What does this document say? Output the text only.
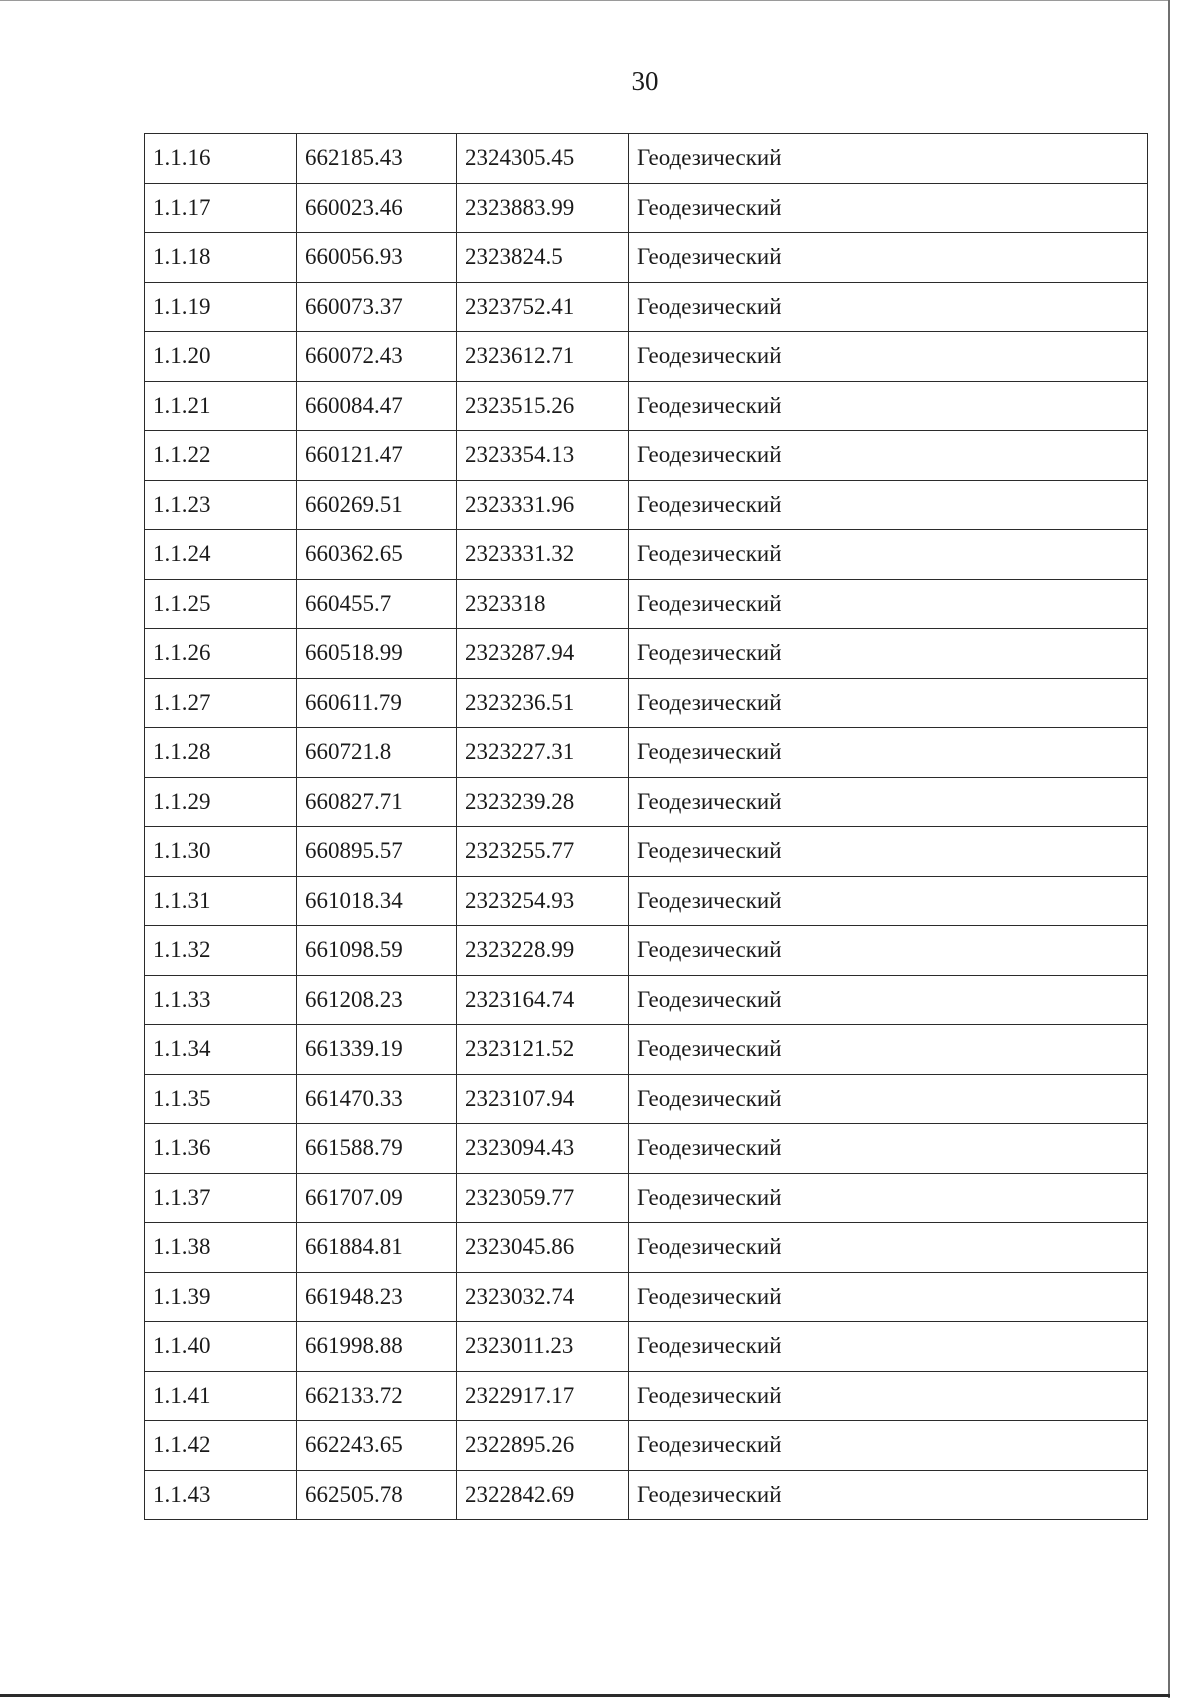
30
1.1.16	662185.43	2324305.45	Геодезический
1.1.17	660023.46	2323883.99	Геодезический
1.1.18	660056.93	2323824.5	Геодезический
1.1.19	660073.37	2323752.41	Геодезический
1.1.20	660072.43	2323612.71	Геодезический
1.1.21	660084.47	2323515.26	Геодезический
1.1.22	660121.47	2323354.13	Геодезический
1.1.23	660269.51	2323331.96	Геодезический
1.1.24	660362.65	2323331.32	Геодезический
1.1.25	660455.7	2323318	Геодезический
1.1.26	660518.99	2323287.94	Геодезический
1.1.27	660611.79	2323236.51	Геодезический
1.1.28	660721.8	2323227.31	Геодезический
1.1.29	660827.71	2323239.28	Геодезический
1.1.30	660895.57	2323255.77	Геодезический
1.1.31	661018.34	2323254.93	Геодезический
1.1.32	661098.59	2323228.99	Геодезический
1.1.33	661208.23	2323164.74	Геодезический
1.1.34	661339.19	2323121.52	Геодезический
1.1.35	661470.33	2323107.94	Геодезический
1.1.36	661588.79	2323094.43	Геодезический
1.1.37	661707.09	2323059.77	Геодезический
1.1.38	661884.81	2323045.86	Геодезический
1.1.39	661948.23	2323032.74	Геодезический
1.1.40	661998.88	2323011.23	Геодезический
1.1.41	662133.72	2322917.17	Геодезический
1.1.42	662243.65	2322895.26	Геодезический
1.1.43	662505.78	2322842.69	Геодезический
